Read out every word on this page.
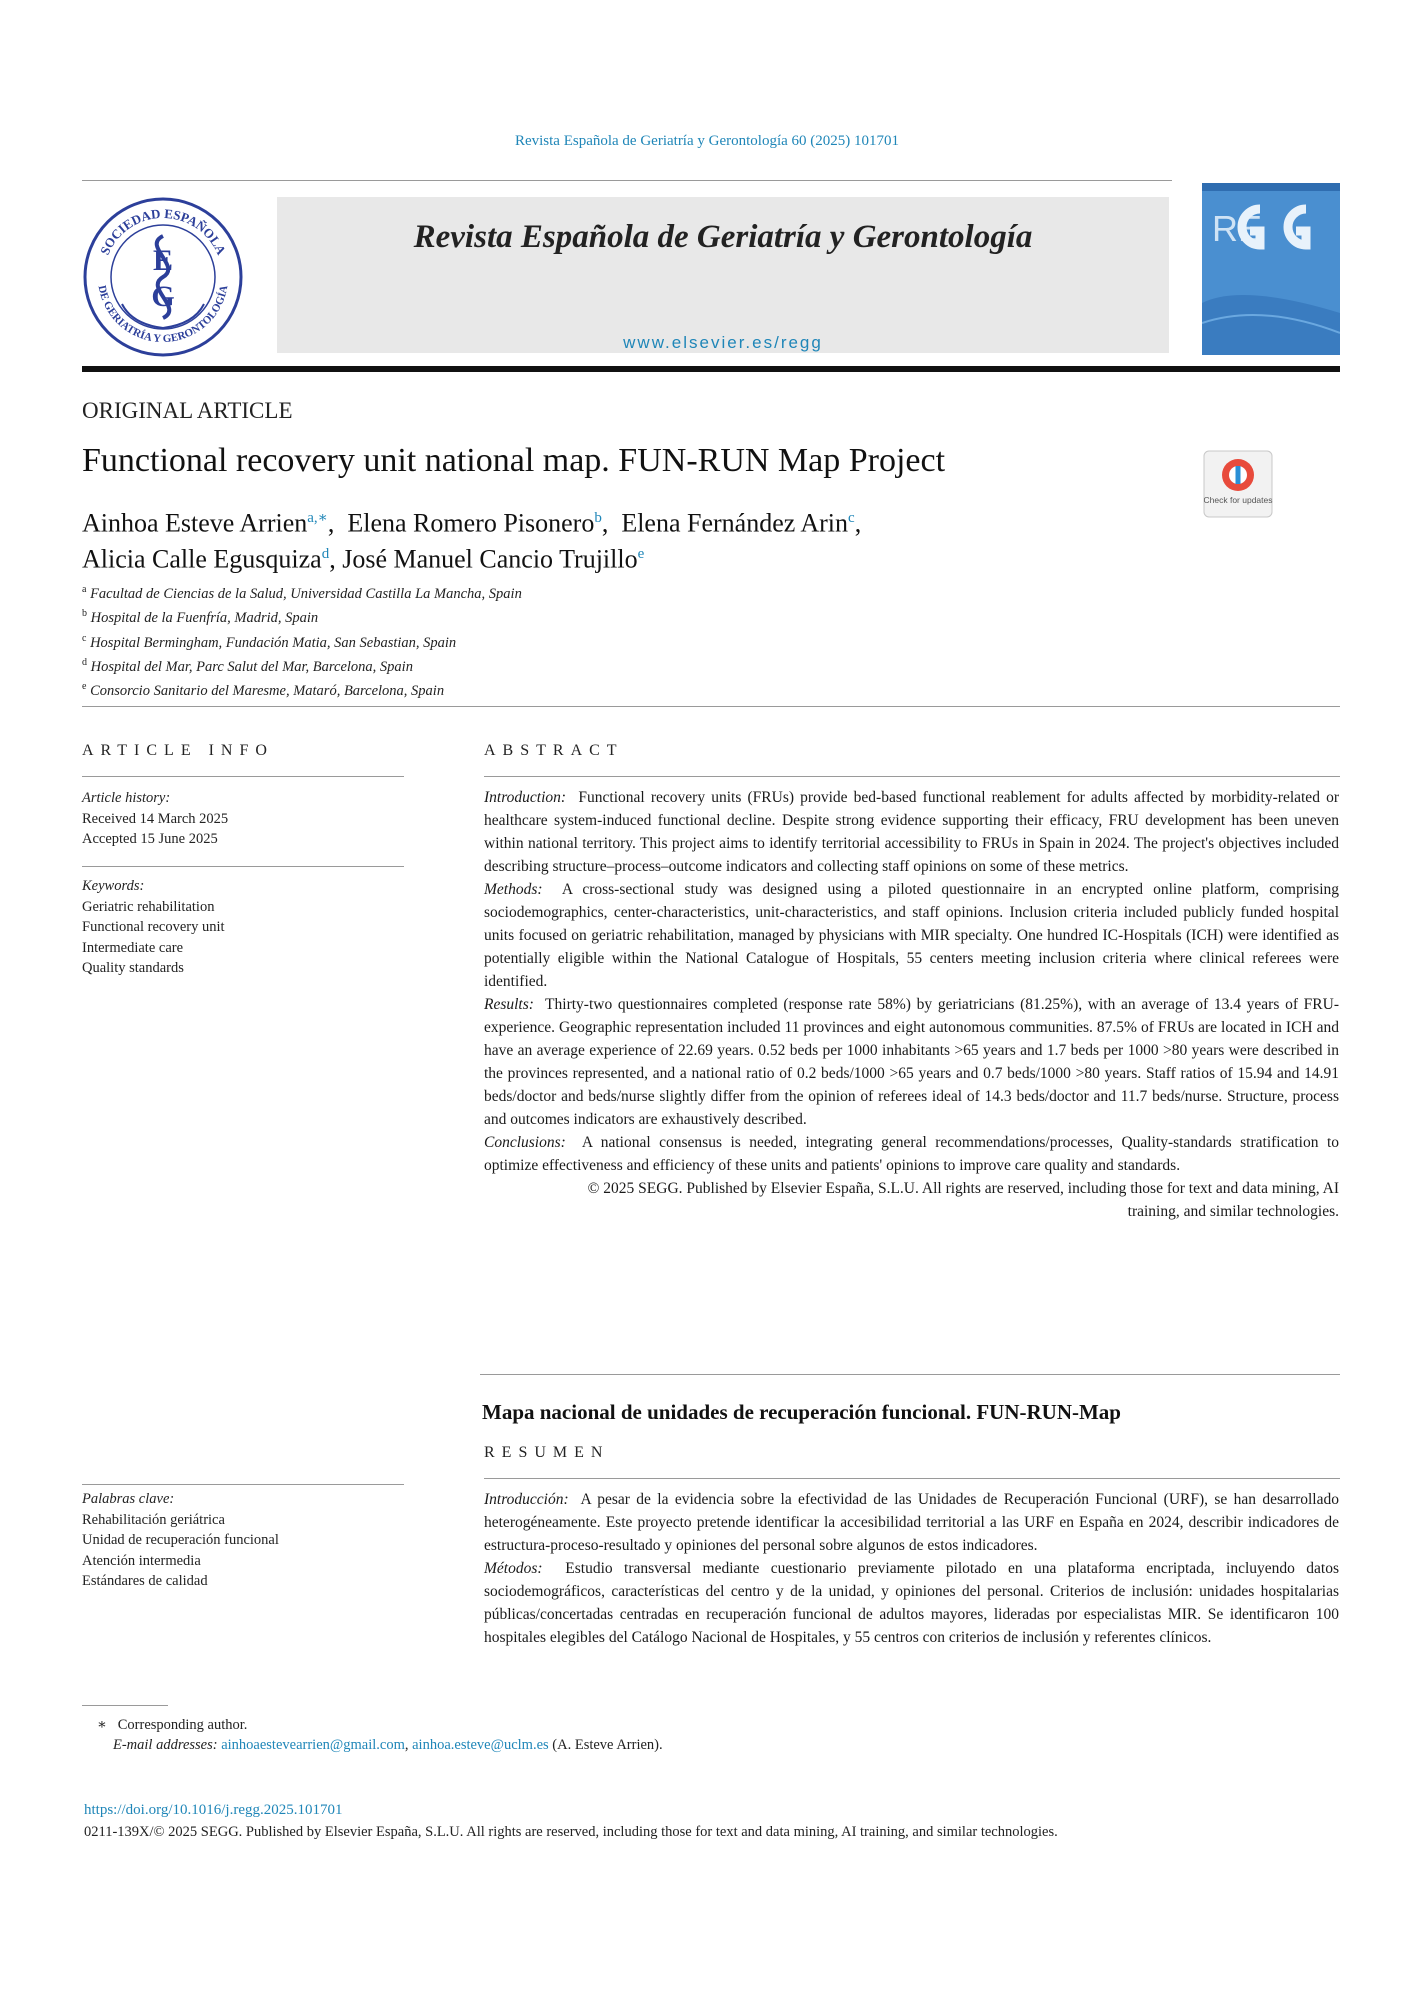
Revista Española de Geriatría y Gerontología 60 (2025) 101701
SOCIEDAD ESPAÑOLA
DE GERIATRÍA Y GERONTOLOGÍA
E
G
Revista Española de Geriatría y Gerontología
www.elsevier.es/regg
RE
ORIGINAL ARTICLE
Functional recovery unit national map. FUN-RUN Map Project
Check for updates
Ainhoa Esteve Arrien$^{a,∗}$,  Elena Romero Pisonero$^b$,  Elena Fernández Arin$^c$,
Alicia Calle Egusquiza$^d$, José Manuel Cancio Trujillo$^e$
$^a$ Facultad de Ciencias de la Salud, Universidad Castilla La Mancha, Spain
$^b$ Hospital de la Fuenfría, Madrid, Spain
$^c$ Hospital Bermingham, Fundación Matia, San Sebastian, Spain
$^d$ Hospital del Mar, Parc Salut del Mar, Barcelona, Spain
$^e$ Consorcio Sanitario del Maresme, Mataró, Barcelona, Spain
ARTICLE INFO
Article history:
Received 14 March 2025
Accepted 15 June 2025
Keywords:
Geriatric rehabilitation
Functional recovery unit
Intermediate care
Quality standards
ABSTRACT

Introduction: Functional recovery units (FRUs) provide bed-based functional reablement for adults affected by morbidity-related or healthcare system-induced functional decline. Despite strong evidence supporting their efficacy, FRU development has been uneven within national territory. This project aims to identify territorial accessibility to FRUs in Spain in 2024. The project's objectives included describing structure–process–outcome indicators and collecting staff opinions on some of these metrics.

Methods: A cross-sectional study was designed using a piloted questionnaire in an encrypted online platform, comprising sociodemographics, center-characteristics, unit-characteristics, and staff opinions. Inclusion criteria included publicly funded hospital units focused on geriatric rehabilitation, managed by physicians with MIR specialty. One hundred IC-Hospitals (ICH) were identified as potentially eligible within the National Catalogue of Hospitals, 55 centers meeting inclusion criteria where clinical referees were identified.

Results: Thirty-two questionnaires completed (response rate 58%) by geriatricians (81.25%), with an average of 13.4 years of FRU-experience. Geographic representation included 11 provinces and eight autonomous communities. 87.5% of FRUs are located in ICH and have an average experience of 22.69 years. 0.52 beds per 1000 inhabitants >65 years and 1.7 beds per 1000 >80 years were described in the provinces represented, and a national ratio of 0.2 beds/1000 >65 years and 0.7 beds/1000 >80 years. Staff ratios of 15.94 and 14.91 beds/doctor and beds/nurse slightly differ from the opinion of referees ideal of 14.3 beds/doctor and 11.7 beds/nurse. Structure, process and outcomes indicators are exhaustively described.

Conclusions: A national consensus is needed, integrating general recommendations/processes, Quality-standards stratification to optimize effectiveness and efficiency of these units and patients' opinions to improve care quality and standards.

© 2025 SEGG. Published by Elsevier España, S.L.U. All rights are reserved, including those for text and data mining, AI training, and similar technologies.

Mapa nacional de unidades de recuperación funcional. FUN-RUN-Map
RESUMEN
Palabras clave:
Rehabilitación geriátrica
Unidad de recuperación funcional
Atención intermedia
Estándares de calidad

Introducción: A pesar de la evidencia sobre la efectividad de las Unidades de Recuperación Funcional (URF), se han desarrollado heterogéneamente. Este proyecto pretende identificar la accesibilidad territorial a las URF en España en 2024, describir indicadores de estructura-proceso-resultado y opiniones del personal sobre algunos de estos indicadores.

Métodos: Estudio transversal mediante cuestionario previamente pilotado en una plataforma encriptada, incluyendo datos sociodemográficos, características del centro y de la unidad, y opiniones del personal. Criterios de inclusión: unidades hospitalarias públicas/concertadas centradas en recuperación funcional de adultos mayores, lideradas por especialistas MIR. Se identificaron 100 hospitales elegibles del Catálogo Nacional de Hospitales, y 55 centros con criterios de inclusión y referentes clínicos.

∗ Corresponding author.
E-mail addresses: ainhoaestevearrien@gmail.com, ainhoa.esteve@uclm.es (A. Esteve Arrien).
https://doi.org/10.1016/j.regg.2025.101701
0211-139X/© 2025 SEGG. Published by Elsevier España, S.L.U. All rights are reserved, including those for text and data mining, AI training, and similar technologies.
